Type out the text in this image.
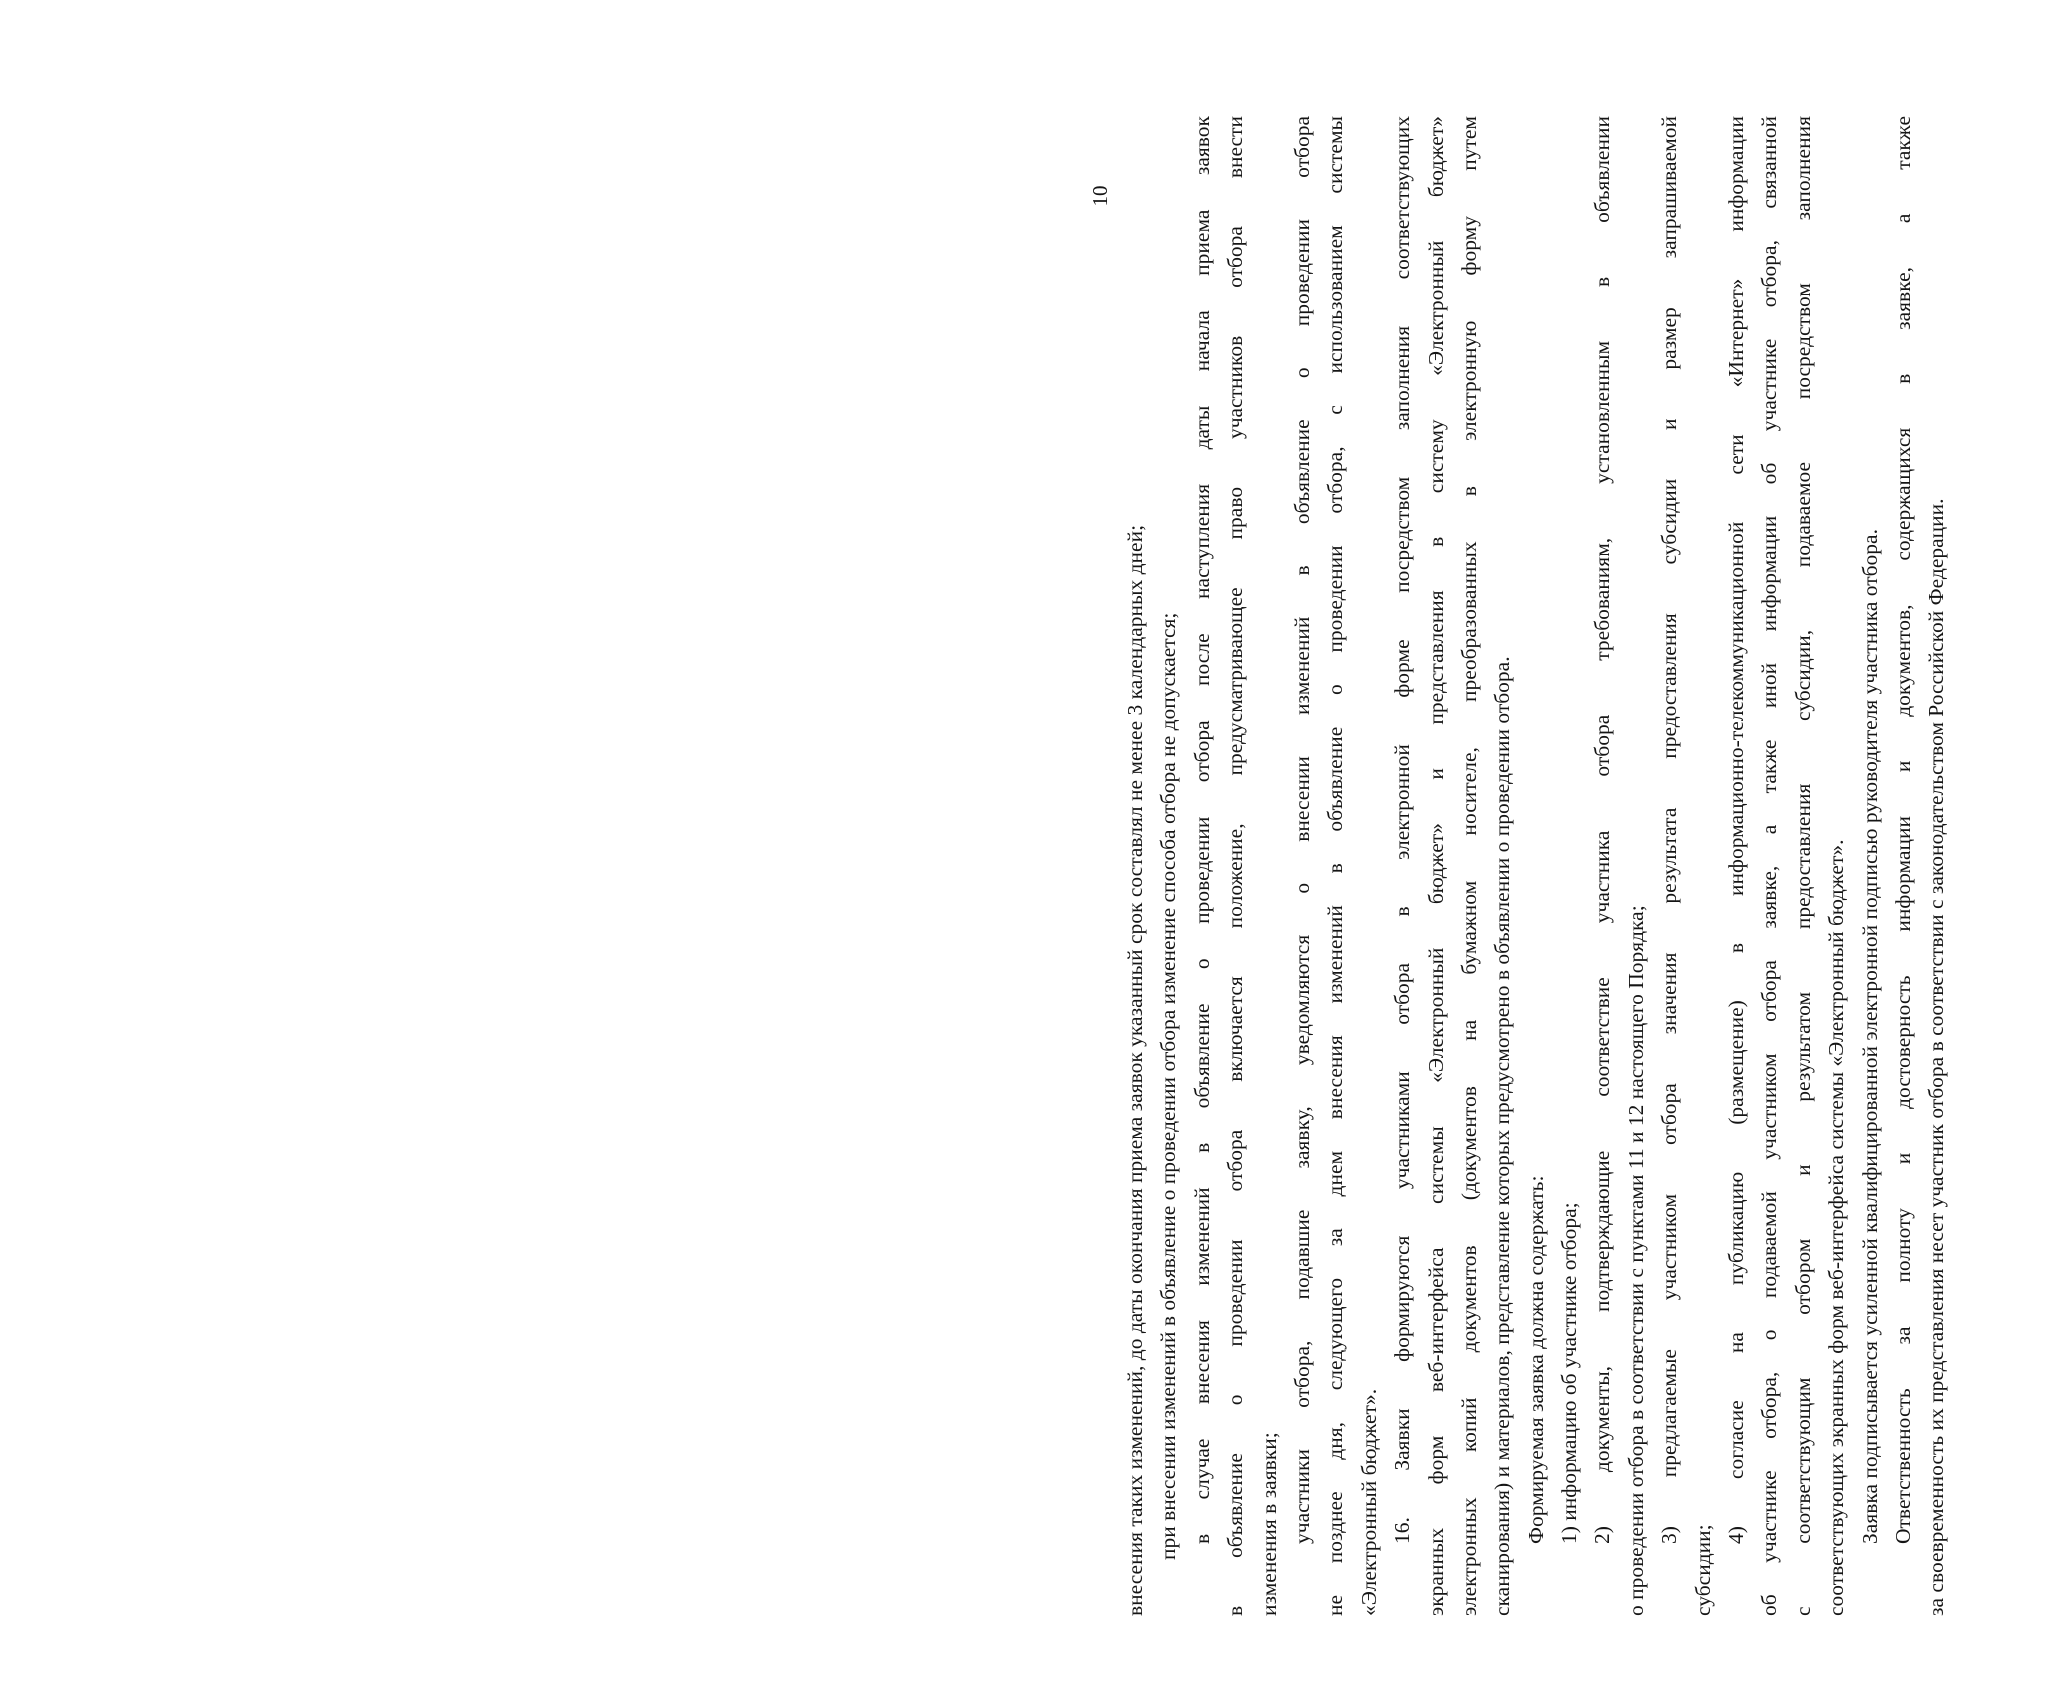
10
внесения таких изменений, до даты окончания приема заявок указанный срок составлял не менее 3 календарных дней; при внесении изменений в объявление о проведении отбора изменение способа отбора не допускается; в случае внесения изменений в объявление о проведении отбора после наступления даты начала приема заявок в объявление о проведении отбора включается положение, предусматривающее право участников отбора внести изменения в заявки; участники отбора, подавшие заявку, уведомляются о внесении изменений в объявление о проведении отбора не позднее дня, следующего за днем внесения изменений в объявление о проведении отбора, с использованием системы «Электронный бюджет». 16. Заявки формируются участниками отбора в электронной форме посредством заполнения соответствующих экранных форм веб-интерфейса системы «Электронный бюджет» и представления в систему «Электронный бюджет» электронных копий документов (документов на бумажном носителе, преобразованных в электронную форму путем сканирования) и материалов, представление которых предусмотрено в объявлении о проведении отбора. Формируемая заявка должна содержать: 1) информацию об участнике отбора; 2) документы, подтверждающие соответствие участника отбора требованиям, установленным в объявлении о проведении отбора в соответствии с пунктами 11 и 12 настоящего Порядка; 3) предлагаемые участником отбора значения результата предоставления субсидии и размер запрашиваемой
субсидии;
4) согласие на публикацию (размещение) в информационно-телекоммуникационной сети «Интернет» информации об участнике отбора, о подаваемой участником отбора заявке, а также иной информации об участнике отбора, связанной с соответствующим отбором и результатом предоставления субсидии, подаваемое посредством заполнения соответствующих экранных форм веб-интерфейса системы «Электронный бюджет». Заявка подписывается усиленной квалифицированной электронной подписью руководителя участника отбора. Ответственность за полноту и достоверность информации и документов, содержащихся в заявке, а также за своевременность их представления несет участник отбора в соответствии с законодательством Российской Федерации.
